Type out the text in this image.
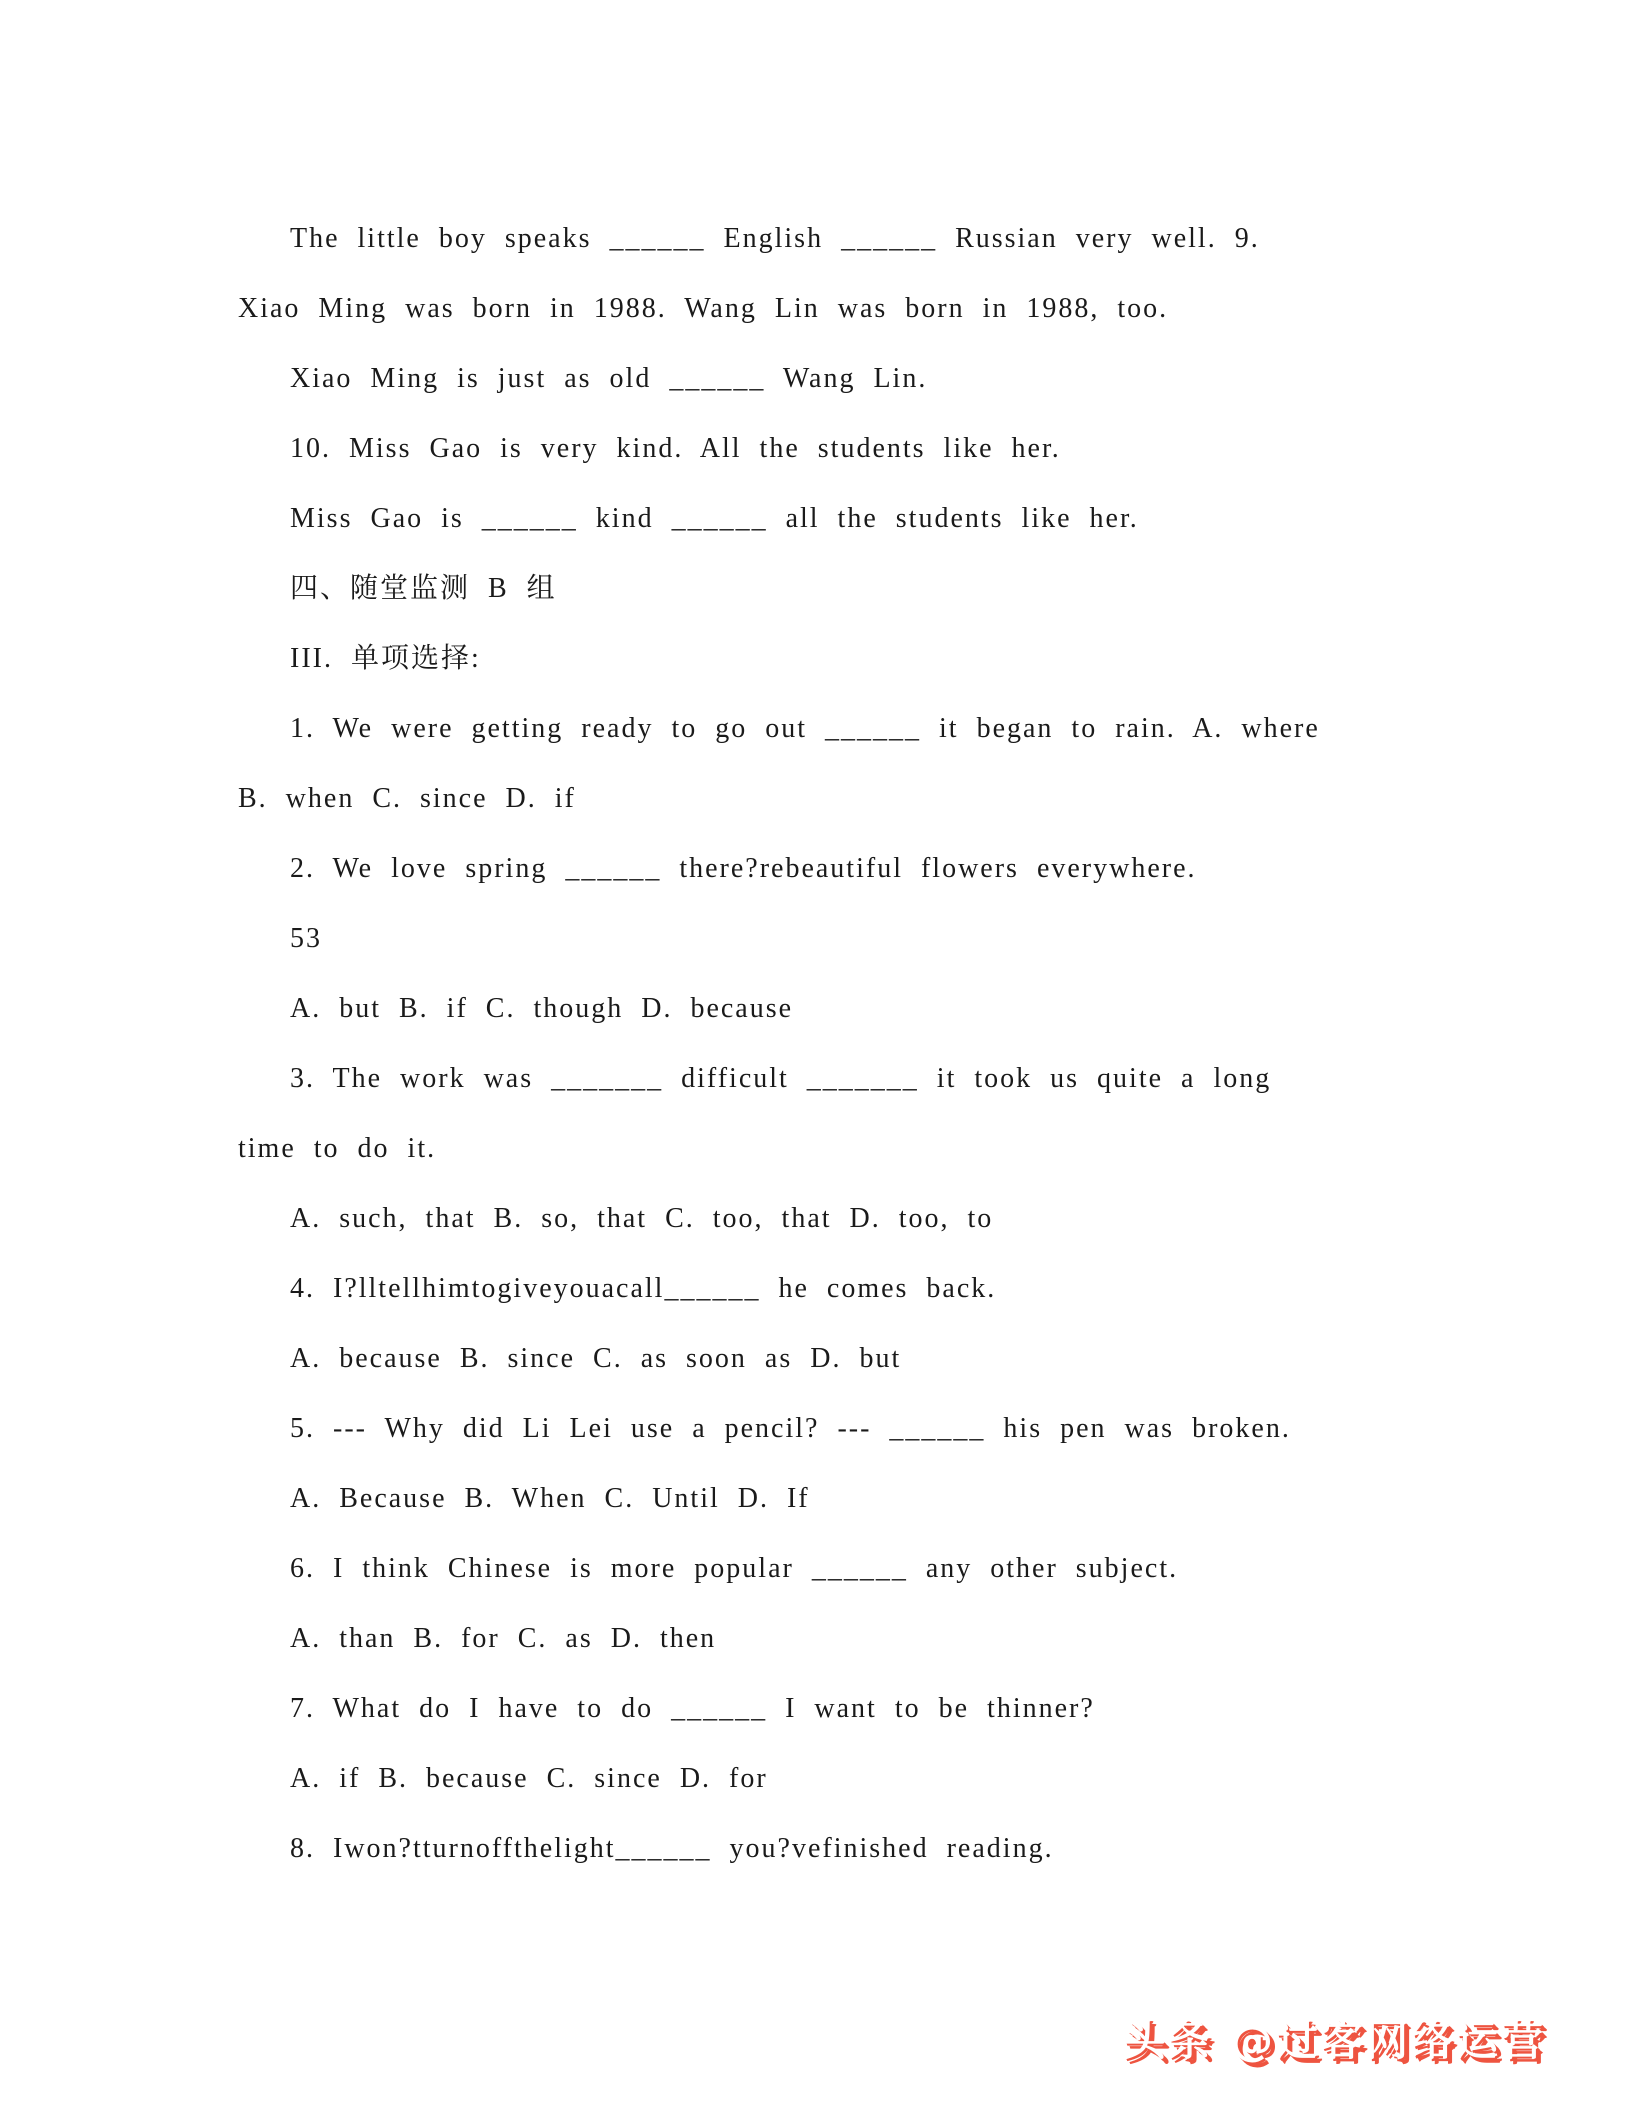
The little boy speaks ______ English ______ Russian very well. 9.

Xiao Ming was born in 1988. Wang Lin was born in 1988, too.

Xiao Ming is just as old ______ Wang Lin.

10. Miss Gao is very kind. All the students like her.

Miss Gao is ______ kind ______ all the students like her.

四、随堂监测 B 组

III. 单项选择:

1. We were getting ready to go out ______ it began to rain. A. where

B. when C. since D. if

2. We love spring ______ there?rebeautiful flowers everywhere.

53

A. but B. if C. though D. because

3. The work was _______ difficult _______ it took us quite a long

time to do it.

A. such, that B. so, that C. too, that D. too, to

4. I?lltellhimtogiveyouacall______ he comes back.

A. because B. since C. as soon as D. but

5. --- Why did Li Lei use a pencil? --- ______ his pen was broken.

A. Because B. When C. Until D. If

6. I think Chinese is more popular ______ any other subject.

A. than B. for C. as D. then

7. What do I have to do ______ I want to be thinner?

A. if B. because C. since D. for

8. Iwon?tturnoffthelight______ you?vefinished reading.

头条 @过客网络运营
